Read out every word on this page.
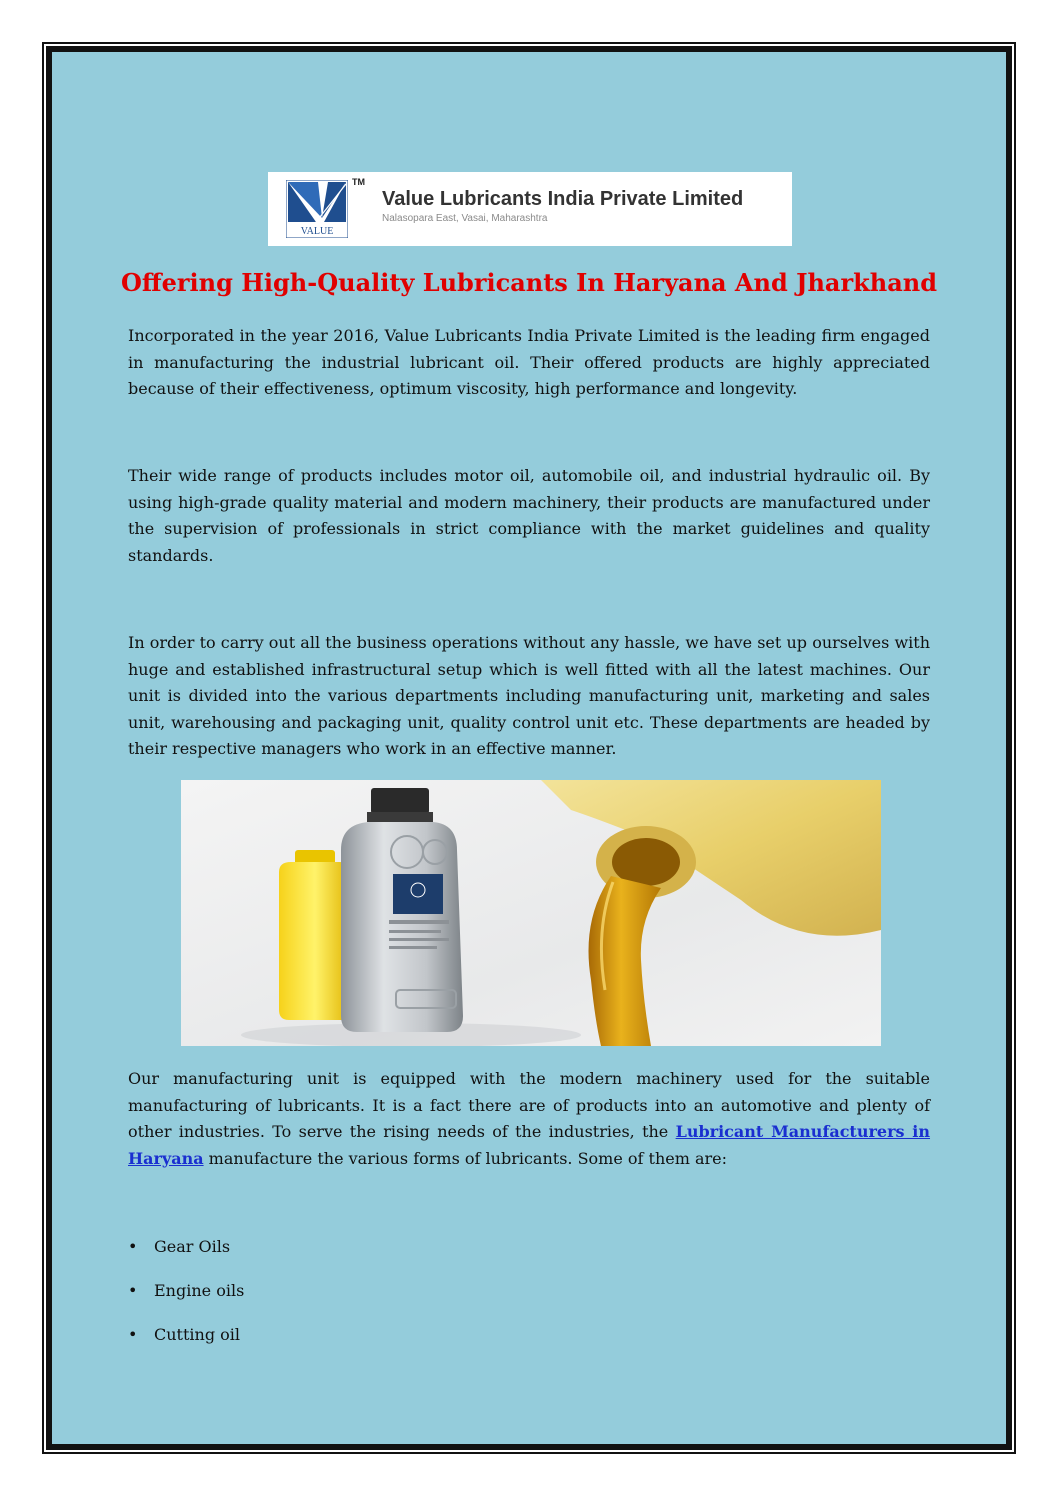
VALUE
TM
Value Lubricants India Private Limited
Nalasopara East, Vasai, Maharashtra
Offering High-Quality Lubricants In Haryana And Jharkhand

Incorporated in the year 2016, Value Lubricants India Private Limited is the leading firm engaged in manufacturing the industrial lubricant oil. Their offered products are highly appreciated because of their effectiveness, optimum viscosity, high performance and longevity.

Their wide range of products includes motor oil, automobile oil, and industrial hydraulic oil. By using high-grade quality material and modern machinery, their products are manufactured under the supervision of professionals in strict compliance with the market guidelines and quality standards.

In order to carry out all the business operations without any hassle, we have set up ourselves with huge and established infrastructural setup which is well fitted with all the latest machines. Our unit is divided into the various departments including manufacturing unit, marketing and sales unit, warehousing and packaging unit, quality control unit etc. These departments are headed by their respective managers who work in an effective manner.

Our manufacturing unit is equipped with the modern machinery used for the suitable manufacturing of lubricants. It is a fact there are of products into an automotive and plenty of other industries. To serve the rising needs of the industries, the Lubricant Manufacturers in Haryana manufacture the various forms of lubricants. Some of them are:

• Gear Oils
• Engine oils
• Cutting oil
